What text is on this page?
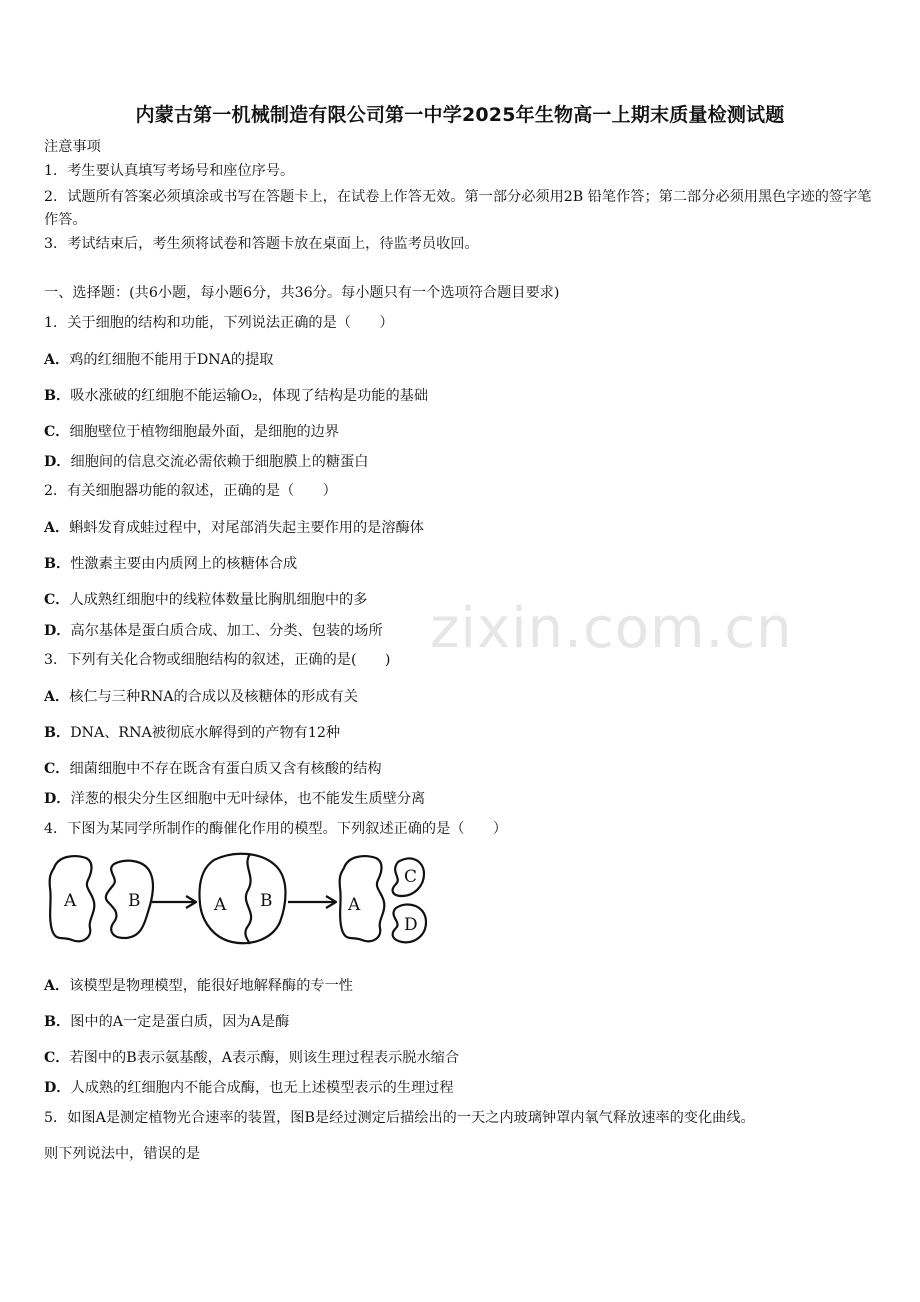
内蒙古第一机械制造有限公司第一中学2025年生物高一上期末质量检测试题
注意事项
1．考生要认真填写考场号和座位序号。
2．试题所有答案必须填涂或书写在答题卡上，在试卷上作答无效。第一部分必须用2B 铅笔作答；第二部分必须用黑色字迹的签字笔作答。
3．考试结束后，考生须将试卷和答题卡放在桌面上，待监考员收回。
一、选择题：(共6小题，每小题6分，共36分。每小题只有一个选项符合题目要求)
1．关于细胞的结构和功能，下列说法正确的是（　　）
A．鸡的红细胞不能用于DNA的提取
B．吸水涨破的红细胞不能运输O₂，体现了结构是功能的基础
C．细胞壁位于植物细胞最外面，是细胞的边界
D．细胞间的信息交流必需依赖于细胞膜上的糖蛋白
2．有关细胞器功能的叙述，正确的是（　　）
A．蝌蚪发育成蛙过程中，对尾部消失起主要作用的是溶酶体
B．性激素主要由内质网上的核糖体合成
C．人成熟红细胞中的线粒体数量比胸肌细胞中的多
D．高尔基体是蛋白质合成、加工、分类、包装的场所
3．下列有关化合物或细胞结构的叙述，正确的是(　　)
A．核仁与三种RNA的合成以及核糖体的形成有关
B．DNA、RNA被彻底水解得到的产物有12种
C．细菌细胞中不存在既含有蛋白质又含有核酸的结构
D．洋葱的根尖分生区细胞中无叶绿体，也不能发生质壁分离
4．下图为某同学所制作的酶催化作用的模型。下列叙述正确的是（　　）
A	B	A B	A
C
D
A．该模型是物理模型，能很好地解释酶的专一性
B．图中的A一定是蛋白质，因为A是酶
C．若图中的B表示氨基酸，A表示酶，则该生理过程表示脱水缩合
D．人成熟的红细胞内不能合成酶，也无上述模型表示的生理过程
5．如图A是测定植物光合速率的装置，图B是经过测定后描绘出的一天之内玻璃钟罩内氧气释放速率的变化曲线。
则下列说法中，错误的是
zixin.com.cn
